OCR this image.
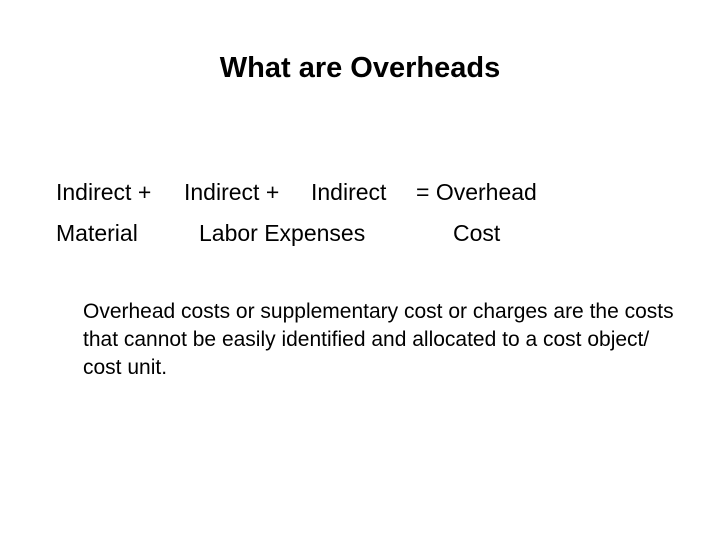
What are Overheads
Indirect + Indirect + Indirect = Overhead
Material	Labor Expenses	Cost
Overhead costs or supplementary cost or charges are the costs that cannot be easily identified and allocated to a cost object/ cost unit.
